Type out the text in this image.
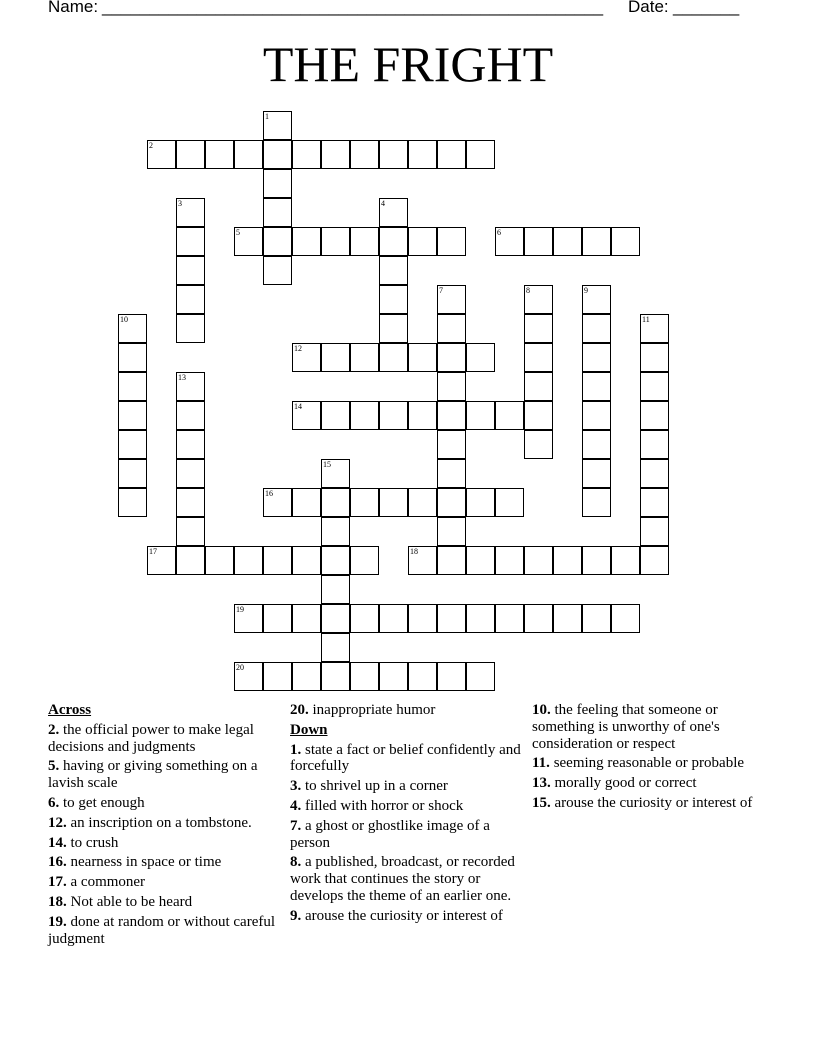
Name: _____________________________________________________ Date: _______
THE FRIGHT
1
2
3	4
5	6
7	8	9
10	11
12
13
14
15
16
17	18
19
20
Across
2. the official power to make legal decisions and judgments
5. having or giving something on a lavish scale
6. to get enough
12. an inscription on a tombstone.
14. to crush
16. nearness in space or time
17. a commoner
18. Not able to be heard
19. done at random or without careful judgment
20. inappropriate humor
Down
1. state a fact or belief confidently and forcefully
3. to shrivel up in a corner
4. filled with horror or shock
7. a ghost or ghostlike image of a person
8. a published, broadcast, or recorded work that continues the story or develops the theme of an earlier one.
9. arouse the curiosity or interest of
10. the feeling that someone or something is unworthy of one's consideration or respect
11. seeming reasonable or probable
13. morally good or correct
15. arouse the curiosity or interest of
